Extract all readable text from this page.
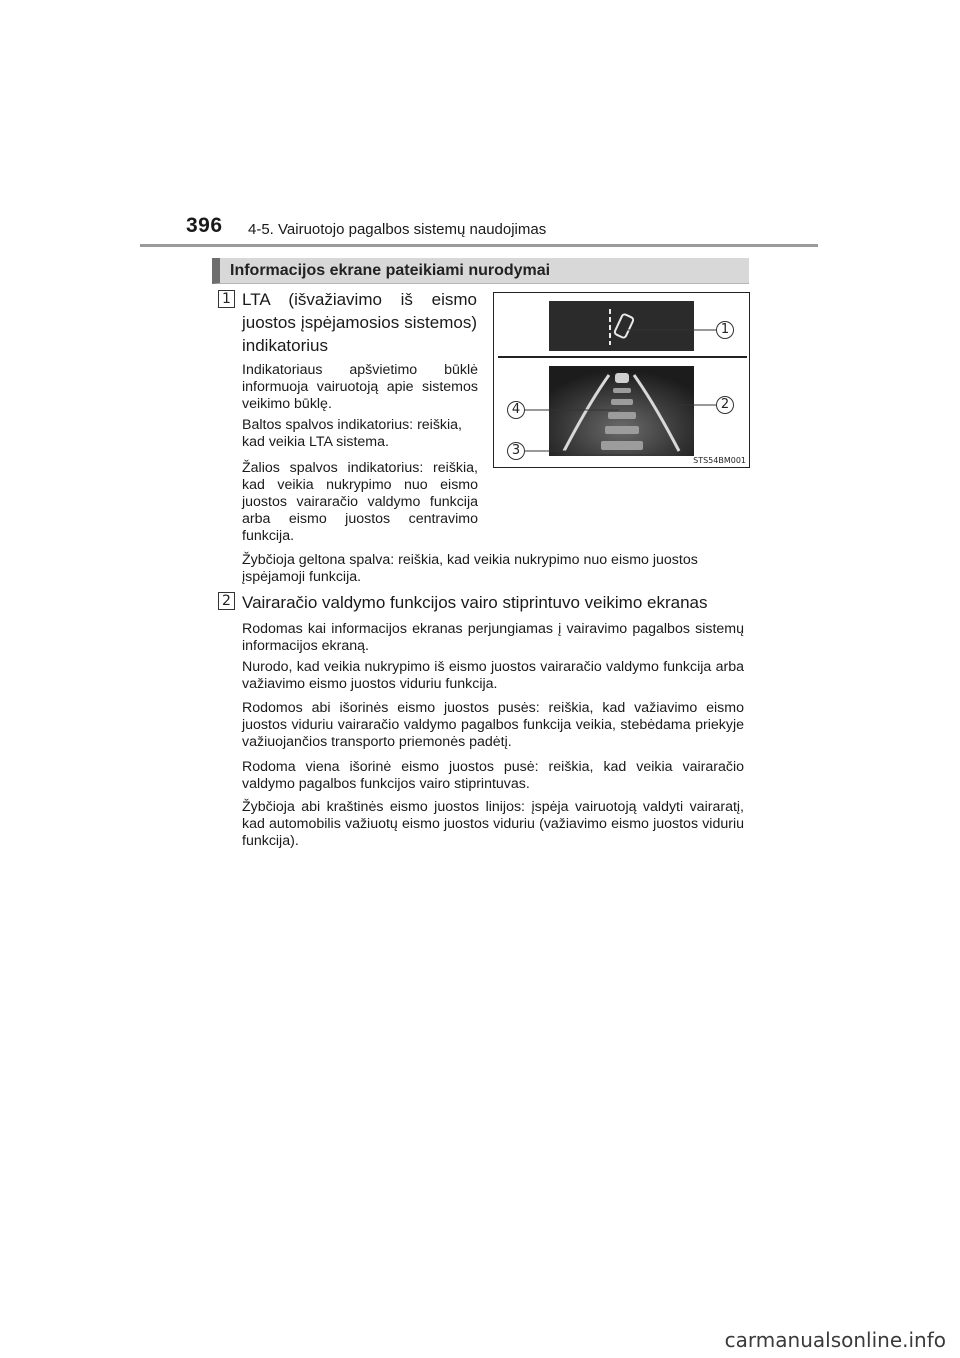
396 4-5. Vairuotojo pagalbos sistemų naudojimas
Informacijos ekrane pateikiami nurodymai
1 LTA (išvažiavimo iš eismo juostos įspėjamosios sistemos) indikatorius

Indikatoriaus apšvietimo būklė informuoja vairuotoją apie sistemos veikimo būklę.

Baltos spalvos indikatorius: reiškia, kad veikia LTA sistema.

Žalios spalvos indikatorius: reiškia, kad veikia nukrypimo nuo eismo juostos vairaračio valdymo funkcija arba eismo juostos centravimo funkcija.

Žybčioja geltona spalva: reiškia, kad veikia nukrypimo nuo eismo juostos įspėjamoji funkcija.

1
2
4
3
STS54BM001
2 Vairaračio valdymo funkcijos vairo stiprintuvo veikimo ekranas

Rodomas kai informacijos ekranas perjungiamas į vairavimo pagalbos sistemų informacijos ekraną.

Nurodo, kad veikia nukrypimo iš eismo juostos vairaračio valdymo funkcija arba važiavimo eismo juostos viduriu funkcija.

Rodomos abi išorinės eismo juostos pusės: reiškia, kad važiavimo eismo juostos viduriu vairaračio valdymo pagalbos funkcija veikia, stebėdama priekyje važiuojančios transporto priemonės padėtį.

Rodoma viena išorinė eismo juostos pusė: reiškia, kad veikia vairaračio valdymo pagalbos funkcijos vairo stiprintuvas.

Žybčioja abi kraštinės eismo juostos linijos: įspėja vairuotoją valdyti vairaratį, kad automobilis važiuotų eismo juostos viduriu (važiavimo eismo juostos viduriu funkcija).

carmanualsonline.info
